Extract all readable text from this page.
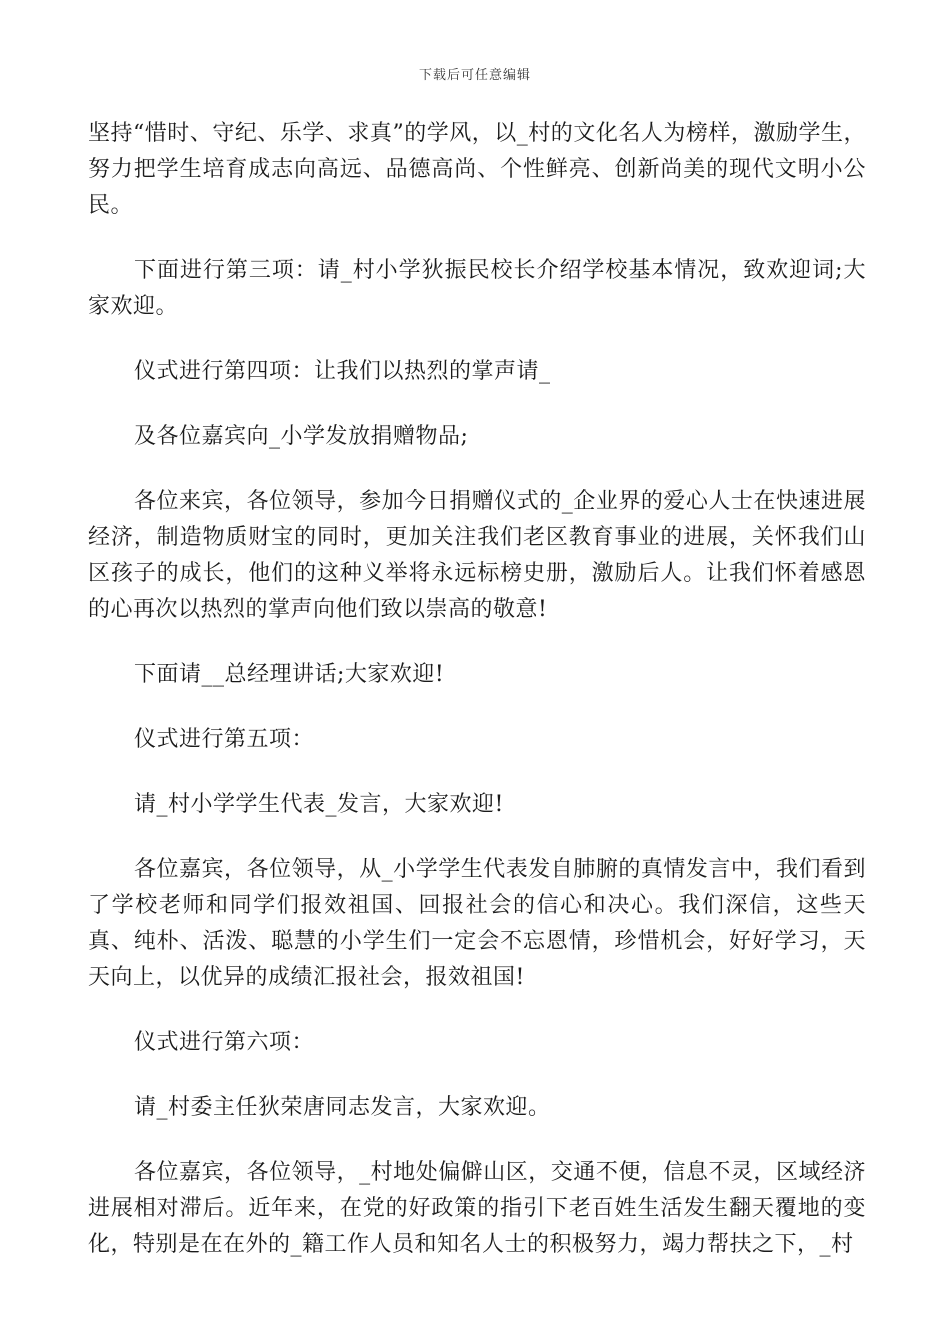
下载后可任意编辑

坚持“惜时、守纪、乐学、求真”的学风，以_村的文化名人为榜样，激励学生，努力把学生培育成志向高远、品德高尚、个性鲜亮、创新尚美的现代文明小公民。

下面进行第三项：请_村小学狄振民校长介绍学校基本情况，致欢迎词;大家欢迎。

仪式进行第四项：让我们以热烈的掌声请_

及各位嘉宾向_小学发放捐赠物品;

各位来宾，各位领导，参加今日捐赠仪式的_企业界的爱心人士在快速进展经济，制造物质财宝的同时，更加关注我们老区教育事业的进展，关怀我们山区孩子的成长，他们的这种义举将永远标榜史册，激励后人。让我们怀着感恩的心再次以热烈的掌声向他们致以崇高的敬意!

下面请__总经理讲话;大家欢迎!

仪式进行第五项：

请_村小学学生代表_发言，大家欢迎!

各位嘉宾，各位领导，从_小学学生代表发自肺腑的真情发言中，我们看到了学校老师和同学们报效祖国、回报社会的信心和决心。我们深信，这些天真、纯朴、活泼、聪慧的小学生们一定会不忘恩情，珍惜机会，好好学习，天天向上，以优异的成绩汇报社会，报效祖国!

仪式进行第六项：

请_村委主任狄荣唐同志发言，大家欢迎。

各位嘉宾，各位领导，_村地处偏僻山区，交通不便，信息不灵，区域经济进展相对滞后。近年来，在党的好政策的指引下老百姓生活发生翻天覆地的变化，特别是在在外的_籍工作人员和知名人士的积极努力，竭力帮扶之下，_村
